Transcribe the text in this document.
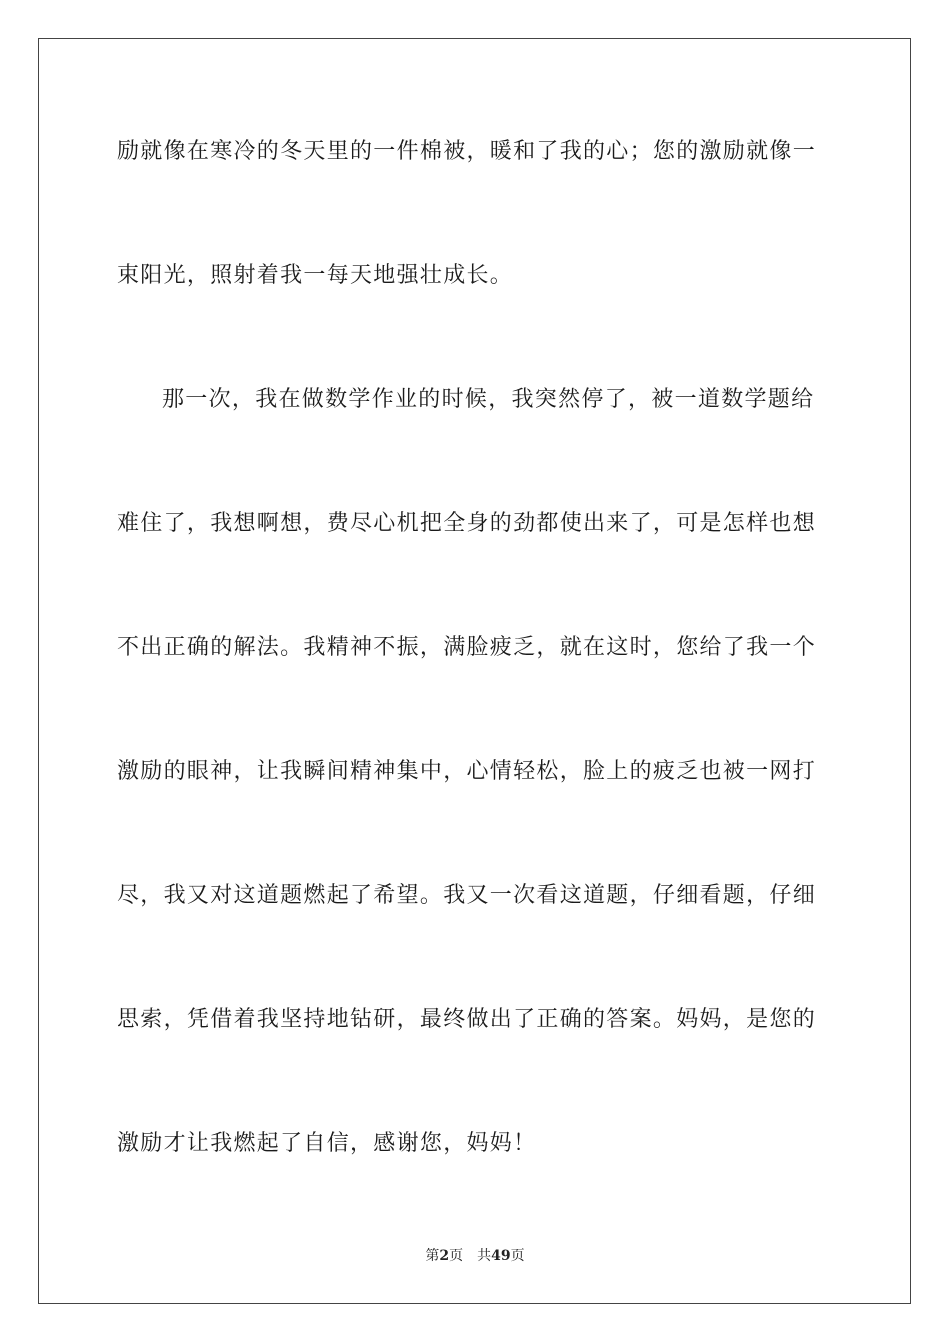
励就像在寒冷的冬天里的一件棉被，暖和了我的心；您的激励就像一
束阳光，照射着我一每天地强壮成长。
那一次，我在做数学作业的时候，我突然停了，被一道数学题给
难住了，我想啊想，费尽心机把全身的劲都使出来了，可是怎样也想
不出正确的解法。我精神不振，满脸疲乏，就在这时，您给了我一个
激励的眼神，让我瞬间精神集中，心情轻松，脸上的疲乏也被一网打
尽，我又对这道题燃起了希望。我又一次看这道题，仔细看题，仔细
思索，凭借着我坚持地钻研，最终做出了正确的答案。妈妈，是您的
激励才让我燃起了自信，感谢您，妈妈！
第2页 共49页
